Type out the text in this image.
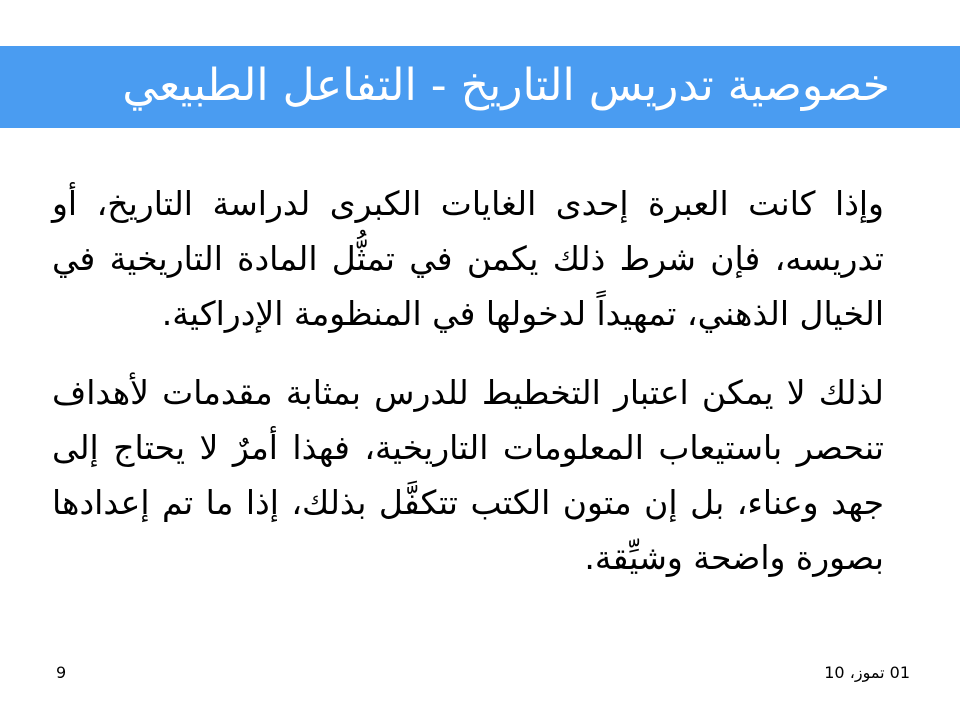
خصوصية تدريس التاريخ - التفاعل الطبيعي

وإذا كانت العبرة إحدى الغايات الكبرى لدراسة التاريخ، أو تدريسه، فإن شرط ذلك يكمن في تمثُّل المادة التاريخية في الخيال الذهني، تمهيداً لدخولها في المنظومة الإدراكية.

لذلك لا يمكن اعتبار التخطيط للدرس بمثابة مقدمات لأهداف تنحصر باستيعاب المعلومات التاريخية، فهذا أمرٌ لا يحتاج إلى جهد وعناء، بل إن متون الكتب تتكفَّل بذلك، إذا ما تم إعدادها بصورة واضحة وشيِّقة.

01 تموز، 10
9
